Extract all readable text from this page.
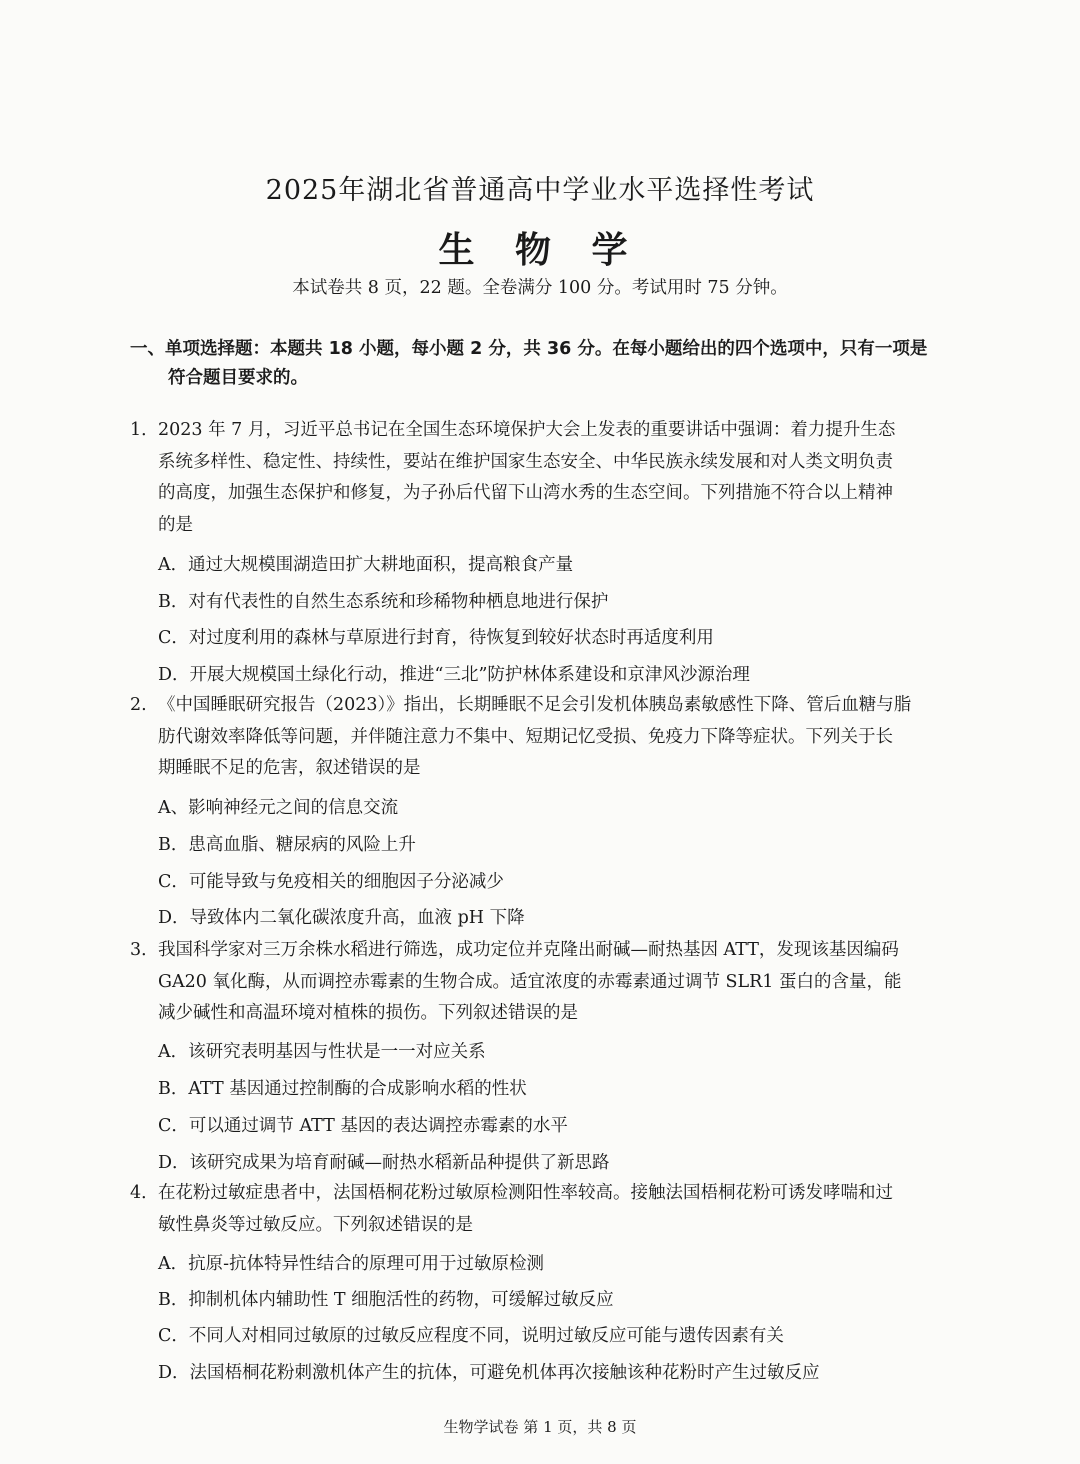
2025年湖北省普通高中学业水平选择性考试
生 物 学
本试卷共 8 页，22 题。全卷满分 100 分。考试用时 75 分钟。
一、单项选择题：本题共 18 小题，每小题 2 分，共 36 分。在每小题给出的四个选项中，只有一项是
符合题目要求的。
1．2023 年 7 月，习近平总书记在全国生态环境保护大会上发表的重要讲话中强调：着力提升生态
系统多样性、稳定性、持续性，要站在维护国家生态安全、中华民族永续发展和对人类文明负责
的高度，加强生态保护和修复，为子孙后代留下山湾水秀的生态空间。下列措施不符合以上精神
的是
A．通过大规模围湖造田扩大耕地面积，提高粮食产量
B．对有代表性的自然生态系统和珍稀物种栖息地进行保护
C．对过度利用的森林与草原进行封育，待恢复到较好状态时再适度利用
D．开展大规模国土绿化行动，推进“三北”防护林体系建设和京津风沙源治理
2. 《中国睡眠研究报告（2023）》指出，长期睡眠不足会引发机体胰岛素敏感性下降、管后血糖与脂
肪代谢效率降低等问题，并伴随注意力不集中、短期记忆受损、免疫力下降等症状。下列关于长
期睡眠不足的危害，叙述错误的是
A、影响神经元之间的信息交流
B．患高血脂、糖尿病的风险上升
C．可能导致与免疫相关的细胞因子分泌减少
D．导致体内二氧化碳浓度升高，血液 pH 下降
3．我国科学家对三万余株水稻进行筛选，成功定位并克隆出耐碱—耐热基因 ATT，发现该基因编码
GA20 氧化酶，从而调控赤霉素的生物合成。适宜浓度的赤霉素通过调节 SLR1 蛋白的含量，能
减少碱性和高温环境对植株的损伤。下列叙述错误的是
A．该研究表明基因与性状是一一对应关系
B．ATT 基因通过控制酶的合成影响水稻的性状
C．可以通过调节 ATT 基因的表达调控赤霉素的水平
D．该研究成果为培育耐碱—耐热水稻新品种提供了新思路
4．在花粉过敏症患者中，法国梧桐花粉过敏原检测阳性率较高。接触法国梧桐花粉可诱发哮喘和过
敏性鼻炎等过敏反应。下列叙述错误的是
A．抗原-抗体特异性结合的原理可用于过敏原检测
B．抑制机体内辅助性 T 细胞活性的药物，可缓解过敏反应
C．不同人对相同过敏原的过敏反应程度不同，说明过敏反应可能与遗传因素有关
D．法国梧桐花粉刺激机体产生的抗体，可避免机体再次接触该种花粉时产生过敏反应
生物学试卷 第 1 页，共 8 页
